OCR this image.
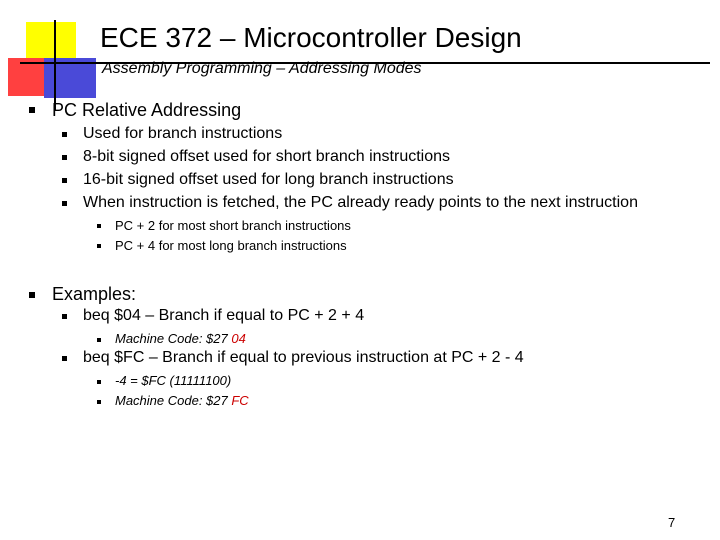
ECE 372 – Microcontroller Design
Assembly Programming – Addressing Modes
PC Relative Addressing
Used for branch instructions
8-bit signed offset used for short branch instructions
16-bit signed offset used for long branch instructions
When instruction is fetched, the PC already ready points to the next instruction
PC + 2 for most short branch instructions
PC + 4 for most long branch instructions
Examples:
beq $04 – Branch if equal to PC + 2 + 4
Machine Code: $27 04
beq $FC – Branch if equal to previous instruction at PC + 2 - 4
-4 = $FC (11111100)
Machine Code: $27 FC
7
